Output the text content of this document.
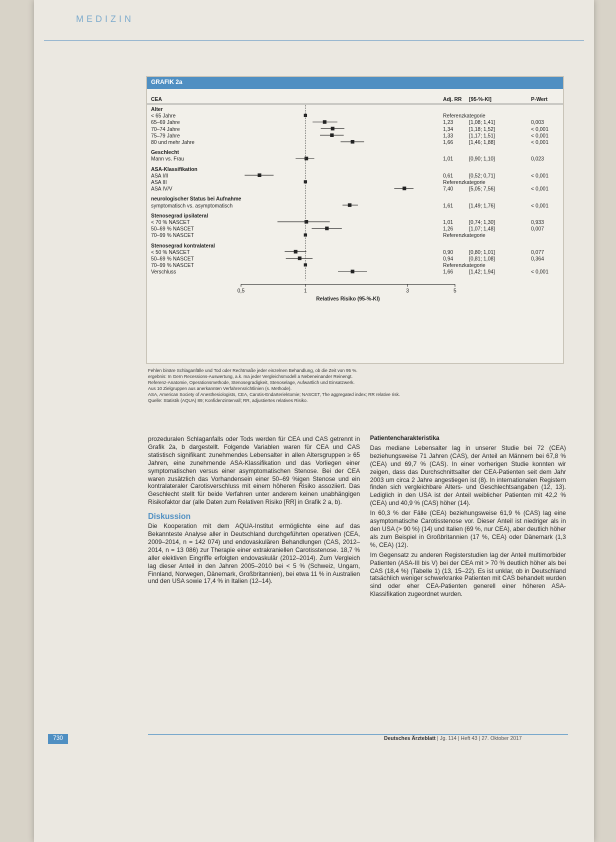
MEDIZIN
GRAFIK 2a
CEA	Adj. RR [95-%-KI]	P-Wert
Alter
< 65 Jahre	Referenzkategorie
65–69 Jahre	1,23	[1,08; 1,41]	0,003
70–74 Jahre	1,34	[1,18; 1,52]	< 0,001
75–79 Jahre	1,33	[1,17; 1,51]	< 0,001
80 und mehr Jahre	1,66	[1,46; 1,88]	< 0,001
Geschlecht
Mann vs. Frau	1,01	[0,90; 1,10]	0,023
ASA-Klassifikation
ASA I/II	0,61	[0,52; 0,71]	< 0,001
ASA III	Referenzkategorie
ASA IV/V	7,40	[5,05; 7,56]	< 0,001
neurologischer Status bei Aufnahme
symptomatisch vs. asymptomatisch	1,61	[1,49; 1,76]	< 0,001
Stenosegrad ipsilateral
< 70 % NASCET	1,01	[0,74; 1,30]	0,933
50–69 % NASCET	1,26	[1,07; 1,48]	0,007
70–99 % NASCET	Referenzkategorie
Stenosegrad kontralateral
< 50 % NASCET	0,90	[0,80; 1,01]	0,077
50–69 % NASCET	0,94	[0,81; 1,08]	0,364
70–99 % NASCET	Referenzkategorie
Verschluss	1,66	[1,42; 1,94]	< 0,001
0,5	1	3	5
Relatives Risiko (95-%-KI)

Fehlen binäre Schlaganfälle und Tod oder Rechtmaße jeder einzelnen Behandlung, ob die Zeit von 95 %.

ergebnis: In Gern Recessions-Auswertung, a.k. ma jeder Vergleichsmodell a Nebeneinander Reinengt.

Referenz-Anatomie, Operationsmethode, Stenosegradigkeit, Stenoselage, Aufwartlich und Einsatzwerk.

Aus 10 Zielgruppen aus anerkannten Verfahrensrichtlinien (s. Methode).

ASA, American Society of Anesthesiologists, CEA, Carotis-Endarteriektomie; NASCET, The aggregated index; RR relative risk.

Quelle: Statistik (AQUA) 89; Konfidenzintervall; RR, adjustiertes relatives Risiko.

prozeduralen Schlaganfalls oder Tods werden für CEA und CAS getrennt in Grafik 2a, b dargestellt. Folgende Variablen waren für CEA und CAS statistisch signifikant: zunehmendes Lebensalter in allen Altersgruppen ≥ 65 Jahren, eine zunehmende ASA-Klassifikation und das Vorliegen einer symptomatischen versus einer asymptomatischen Stenose. Bei der CEA waren zusätzlich das Vorhandensein einer 50–69 %igen Stenose und ein kontralateraler Carotisverschluss mit einem höheren Risiko assoziiert. Das Geschlecht stellt für beide Verfahren unter anderem keinen unabhängigen Risikofaktor dar (alle Daten zum Relativen Risiko [RR] in Grafik 2 a, b).

Diskussion

Die Kooperation mit dem AQUA-Institut ermöglichte eine auf das Bekannteste Analyse aller in Deutschland durchgeführten operativen (CEA, 2009–2014, n = 142 074) und endovaskulären Behandlungen (CAS, 2012–2014, n = 13 086) zur Therapie einer extrakraniellen Carotisstenose. 18,7 % aller elektiven Eingriffe erfolgten endovaskulär (2012–2014). Zum Vergleich lag dieser Anteil in den Jahren 2005–2010 bei < 5 % (Schweiz, Ungarn, Finnland, Norwegen, Dänemark, Großbritannien), bei etwa 11 % in Australien und den USA sowie 17,4 % in Italien (12–14).

Patientencharakteristika

Das mediane Lebensalter lag in unserer Studie bei 72 (CEA) beziehungsweise 71 Jahren (CAS), der Anteil an Männern bei 67,8 % (CEA) und 69,7 % (CAS). In einer vorherigen Studie konnten wir zeigen, dass das Durchschnittsalter der CEA-Patienten seit dem Jahr 2003 um circa 2 Jahre angestiegen ist (8). In internationalen Registern finden sich vergleichbare Alters- und Geschlechtsangaben (12, 13). Lediglich in den USA ist der Anteil weiblicher Patienten mit 42,2 % (CEA) und 40,9 % (CAS) höher (14).

In 60,3 % der Fälle (CEA) beziehungsweise 61,9 % (CAS) lag eine asymptomatische Carotisstenose vor. Dieser Anteil ist niedriger als in den USA (> 90 %) (14) und Italien (69 %, nur CEA), aber deutlich höher als zum Beispiel in Großbritannien (17 %, CEA) oder Dänemark (1,3 %, CEA) (12).

Im Gegensatz zu anderen Registerstudien lag der Anteil multimorbider Patienten (ASA-III bis V) bei der CEA mit > 70 % deutlich höher als bei CAS (18,4 %) (Tabelle 1) (13, 15–22). Es ist unklar, ob in Deutschland tatsächlich weniger schwerkranke Patienten mit CAS behandelt wurden sind oder eher CEA-Patienten generell einer höheren ASA-Klassifikation zugeordnet wurden.

730	Deutsches Ärzteblatt | Jg. 114 | Heft 43 | 27. Oktober 2017
